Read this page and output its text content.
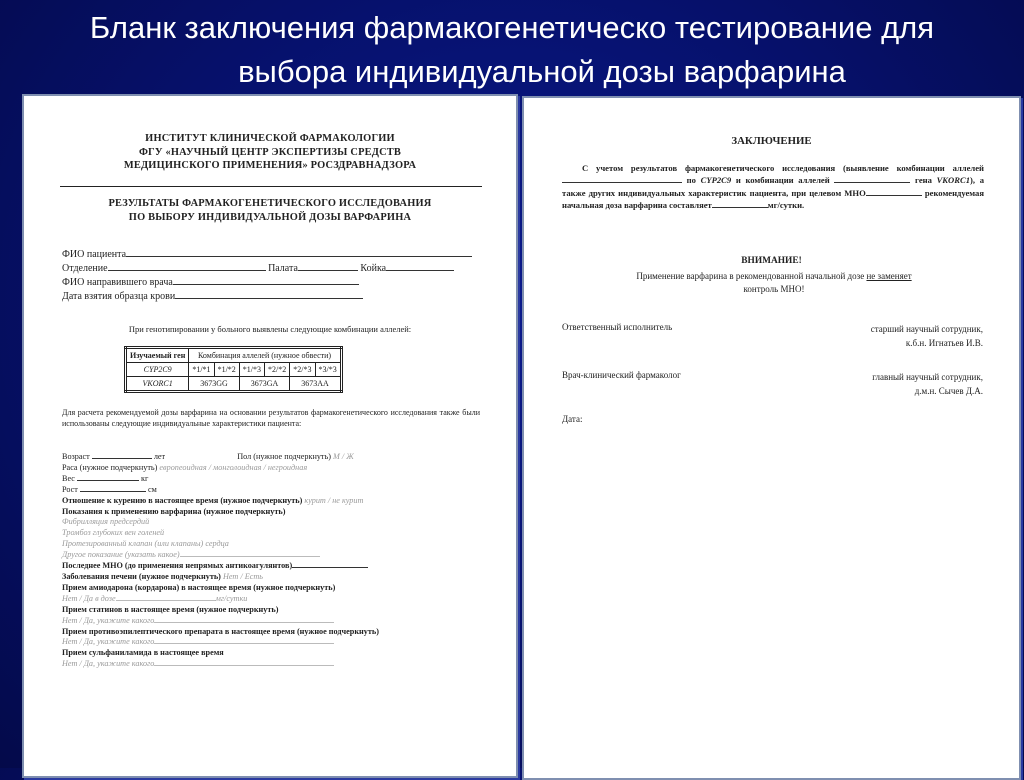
Бланк заключения фармакогенетическо тестирование для
выбора индивидуальной дозы варфарина
ИНСТИТУТ КЛИНИЧЕСКОЙ ФАРМАКОЛОГИИ
ФГУ «НАУЧНЫЙ ЦЕНТР ЭКСПЕРТИЗЫ СРЕДСТВ
МЕДИЦИНСКОГО ПРИМЕНЕНИЯ» РОСЗДРАВНАДЗОРА
РЕЗУЛЬТАТЫ ФАРМАКОГЕНЕТИЧЕСКОГО ИССЛЕДОВАНИЯ
ПО ВЫБОРУ ИНДИВИДУАЛЬНОЙ ДОЗЫ ВАРФАРИНА
ФИО пациента
Отделение	Палата	Койка
ФИО направившего врача
Дата взятия образца крови
При генотипировании у больного выявлены следующие комбинации аллелей:
Изучаемый ген	Комбинация аллелей (нужное обвести)					
CYP2C9	*1/*1	*1/*2	*1/*3	*2/*2	*2/*3	*3/*3
VKORC1	3673GG		3673GA		3673AA	
Для расчета рекомендуемой дозы варфарина на основании результатов фармакогенетического исследования также были использованы следующие индивидуальные характеристики пациента:
Возраст	лет	Пол (нужное подчеркнуть) М / Ж
Раса (нужное подчеркнуть) европеоидная / монголоидная / негроидная
Вес	кг
Рост	см
Отношение к курению в настоящее время (нужное подчеркнуть) курит / не курит
Показания к применению варфарина (нужное подчеркнуть)
Фибрилляция предсердий
Тромбоз глубоких вен голеней
Протезированный клапан (или клапаны) сердца
Другое показание (указать какое)
Последнее МНО (до применения непрямых антикоагулянтов)
Заболевания печени (нужное подчеркнуть) Нет / Есть
Прием амиодарона (кордарона) в настоящее время (нужное подчеркнуть)
Нет / Да в дозе	мг/сутки
Прием статинов в настоящее время (нужное подчеркнуть)
Нет / Да, укажите какого
Прием противоэпилептического препарата в настоящее время (нужное подчеркнуть)
Нет / Да, укажите какого
Прием сульфаниламида в настоящее время
Нет / Да, укажите какого
ЗАКЛЮЧЕНИЕ
С учетом результатов фармакогенетического исследования (выявление комбинации аллелей по CYP2C9 и комбинации аллелей	гена VKORC1), а также других индивидуальных характеристик пациента, при целевом МНО	рекомендуемая начальная доза варфарина составляет	мг/сутки.
ВНИМАНИЕ!
Применение варфарина в рекомендованной начальной дозе не заменяет
контроль МНО!
Ответственный исполнитель	старший научный сотрудник,
к.б.н. Игнатьев И.В.
Врач-клинический фармаколог	главный научный сотрудник,
д.м.н. Сычев Д.А.
Дата:
